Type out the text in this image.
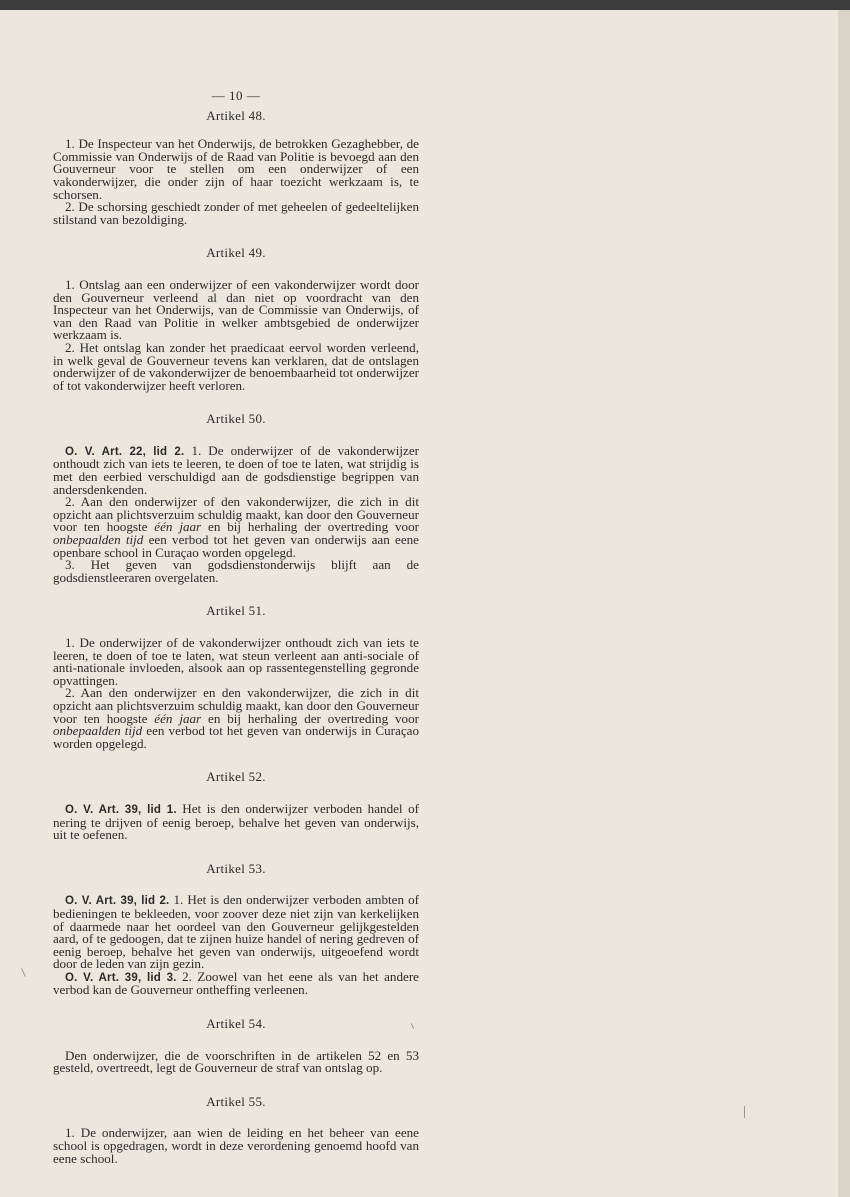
— 10 —
Artikel 48.

1. De Inspecteur van het Onderwijs, de betrokken Gezaghebber, de Commissie van Onderwijs of de Raad van Politie is bevoegd aan den Gouverneur voor te stellen om een onderwijzer of een vakonderwijzer, die onder zijn of haar toezicht werkzaam is, te schorsen.

2. De schorsing geschiedt zonder of met geheelen of gedeeltelijken stilstand van bezoldiging.

Artikel 49.

1. Ontslag aan een onderwijzer of een vakonderwijzer wordt door den Gouverneur verleend al dan niet op voordracht van den Inspecteur van het Onderwijs, van de Commissie van Onderwijs, of van den Raad van Politie in welker ambtsgebied de onderwijzer werkzaam is.

2. Het ontslag kan zonder het praedicaat eervol worden verleend, in welk geval de Gouverneur tevens kan verklaren, dat de ontslagen onderwijzer of de vakonderwijzer de benoembaarheid tot onderwijzer of tot vakonderwijzer heeft verloren.

Artikel 50.

O. V. Art. 22, lid 2. 1. De onderwijzer of de vakonderwijzer onthoudt zich van iets te leeren, te doen of toe te laten, wat strijdig is met den eerbied verschuldigd aan de godsdienstige begrippen van andersdenkenden.

2. Aan den onderwijzer of den vakonderwijzer, die zich in dit opzicht aan plichtsverzuim schuldig maakt, kan door den Gouverneur voor ten hoogste één jaar en bij herhaling der overtreding voor onbepaalden tijd een verbod tot het geven van onderwijs aan eene openbare school in Curaçao worden opgelegd.

3. Het geven van godsdienstonderwijs blijft aan de godsdienstleeraren overgelaten.

Artikel 51.

1. De onderwijzer of de vakonderwijzer onthoudt zich van iets te leeren, te doen of toe te laten, wat steun verleent aan anti-sociale of anti-nationale invloeden, alsook aan op rassentegenstelling gegronde opvattingen.

2. Aan den onderwijzer en den vakonderwijzer, die zich in dit opzicht aan plichtsverzuim schuldig maakt, kan door den Gouverneur voor ten hoogste één jaar en bij herhaling der overtreding voor onbepaalden tijd een verbod tot het geven van onderwijs in Curaçao worden opgelegd.

Artikel 52.

O. V. Art. 39, lid 1. Het is den onderwijzer verboden handel of nering te drijven of eenig beroep, behalve het geven van onderwijs, uit te oefenen.

Artikel 53.

O. V. Art. 39, lid 2. 1. Het is den onderwijzer verboden ambten of bedieningen te bekleeden, voor zoover deze niet zijn van kerkelijken of daarmede naar het oordeel van den Gouverneur gelijkgestelden aard, of te gedoogen, dat te zijnen huize handel of nering gedreven of eenig beroep, behalve het geven van onderwijs, uitgeoefend wordt door de leden van zijn gezin.

O. V. Art. 39, lid 3. 2. Zoowel van het eene als van het andere verbod kan de Gouverneur ontheffing verleenen.

Artikel 54.

Den onderwijzer, die de voorschriften in de artikelen 52 en 53 gesteld, overtreedt, legt de Gouverneur de straf van ontslag op.

Artikel 55.

1. De onderwijzer, aan wien de leiding en het beheer van eene school is opgedragen, wordt in deze verordening genoemd hoofd van eene school.
